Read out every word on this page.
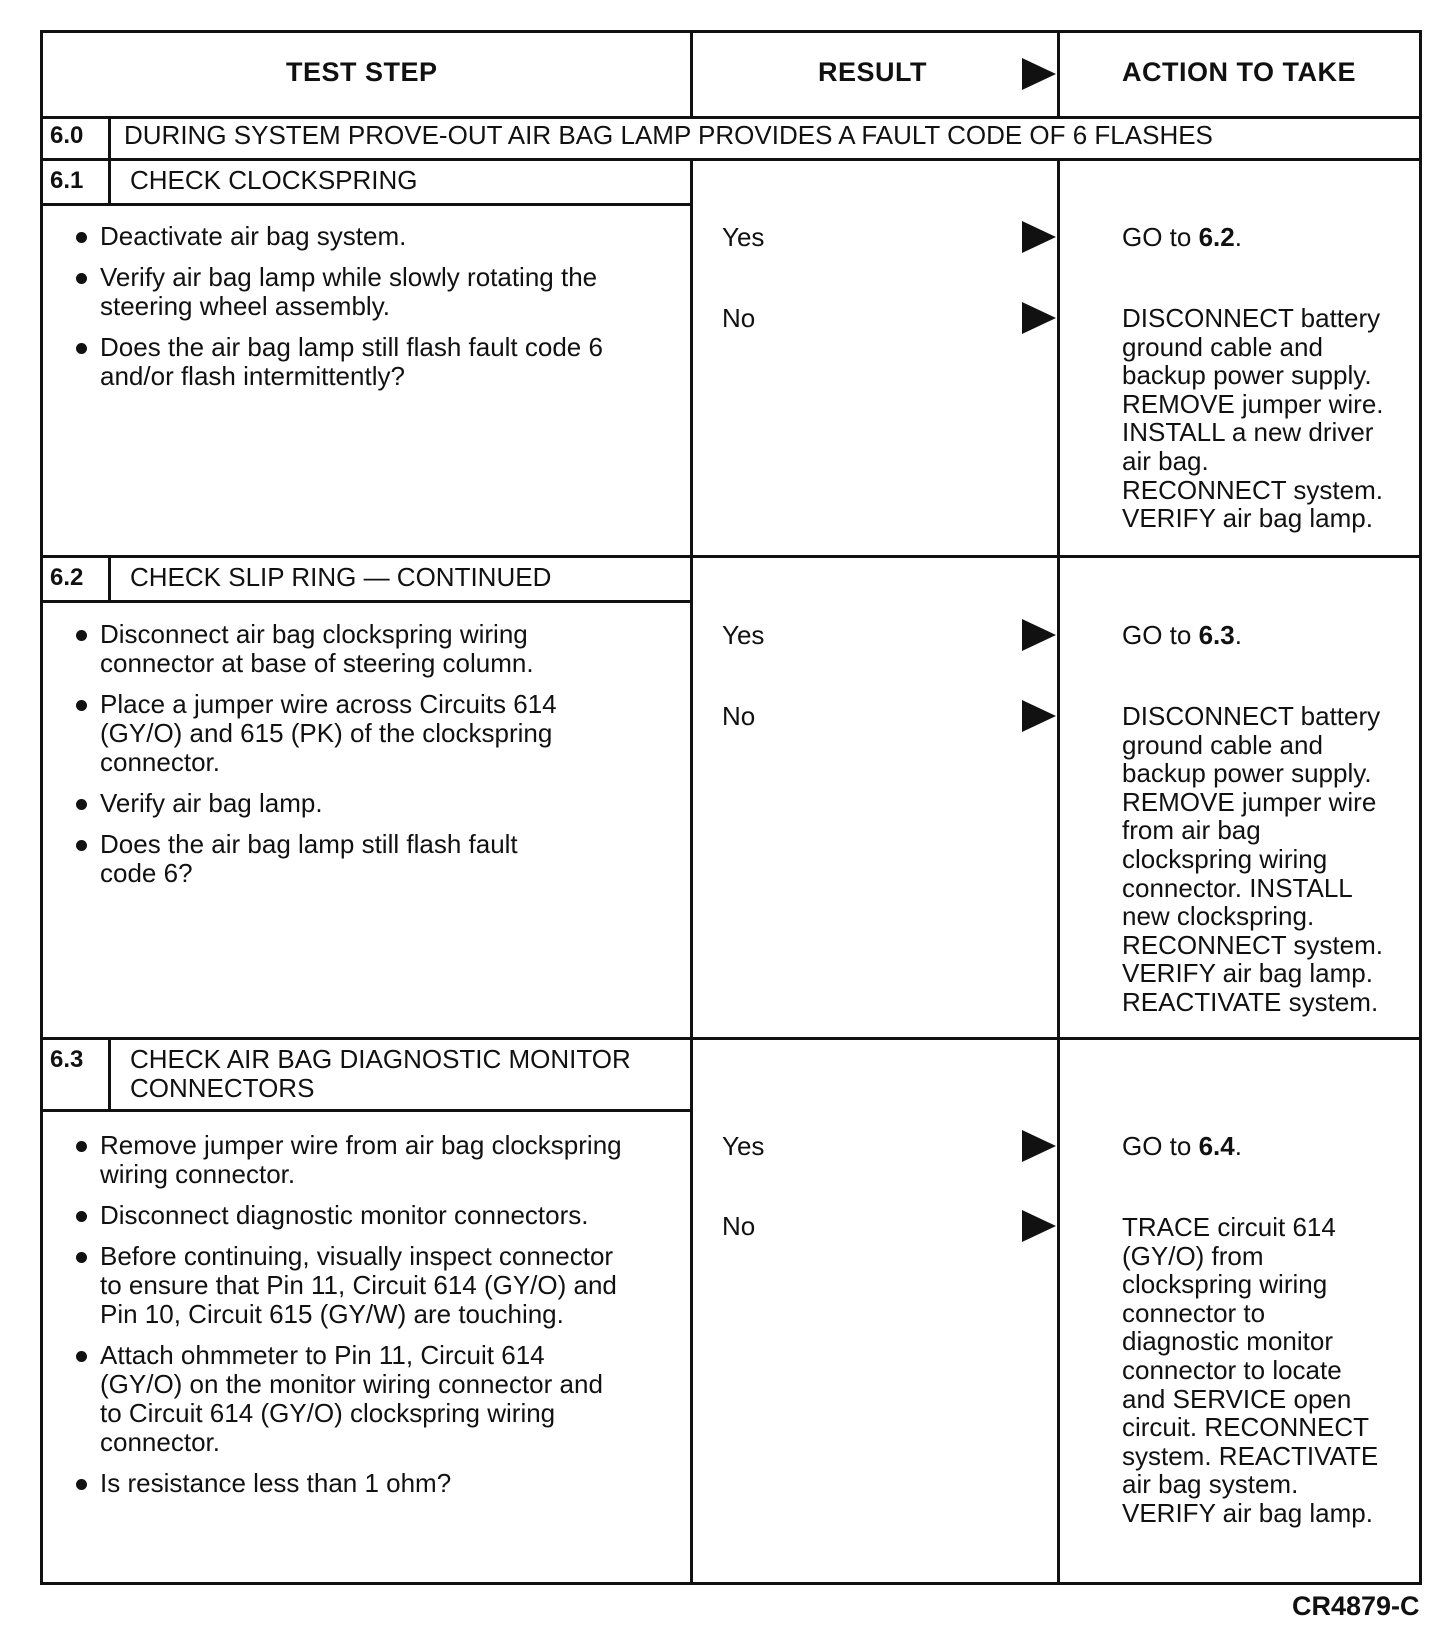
TEST STEP	RESULT	ACTION TO TAKE
6.0 DURING SYSTEM PROVE-OUT AIR BAG LAMP PROVIDES A FAULT CODE OF 6 FLASHES
6.1 CHECK CLOCKSPRING
Deactivate air bag system.
Verify air bag lamp while slowly rotating the
steering wheel assembly.
Does the air bag lamp still flash fault code 6
and/or flash intermittently?
Yes
No
GO to 6.2.
DISCONNECT battery
ground cable and
backup power supply.
REMOVE jumper wire.
INSTALL a new driver
air bag.
RECONNECT system.
VERIFY air bag lamp.
6.2 CHECK SLIP RING — CONTINUED
Disconnect air bag clockspring wiring
connector at base of steering column.
Place a jumper wire across Circuits 614
(GY/O) and 615 (PK) of the clockspring
connector.
Verify air bag lamp.
Does the air bag lamp still flash fault
code 6?
Yes
No
GO to 6.3.
DISCONNECT battery
ground cable and
backup power supply.
REMOVE jumper wire
from air bag
clockspring wiring
connector. INSTALL
new clockspring.
RECONNECT system.
VERIFY air bag lamp.
REACTIVATE system.
6.3 CHECK AIR BAG DIAGNOSTIC MONITOR
CONNECTORS
Remove jumper wire from air bag clockspring
wiring connector.
Disconnect diagnostic monitor connectors.
Before continuing, visually inspect connector
to ensure that Pin 11, Circuit 614 (GY/O) and
Pin 10, Circuit 615 (GY/W) are touching.
Attach ohmmeter to Pin 11, Circuit 614
(GY/O) on the monitor wiring connector and
to Circuit 614 (GY/O) clockspring wiring
connector.
Is resistance less than 1 ohm?
Yes
No
GO to 6.4.
TRACE circuit 614
(GY/O) from
clockspring wiring
connector to
diagnostic monitor
connector to locate
and SERVICE open
circuit. RECONNECT
system. REACTIVATE
air bag system.
VERIFY air bag lamp.
CR4879-C
